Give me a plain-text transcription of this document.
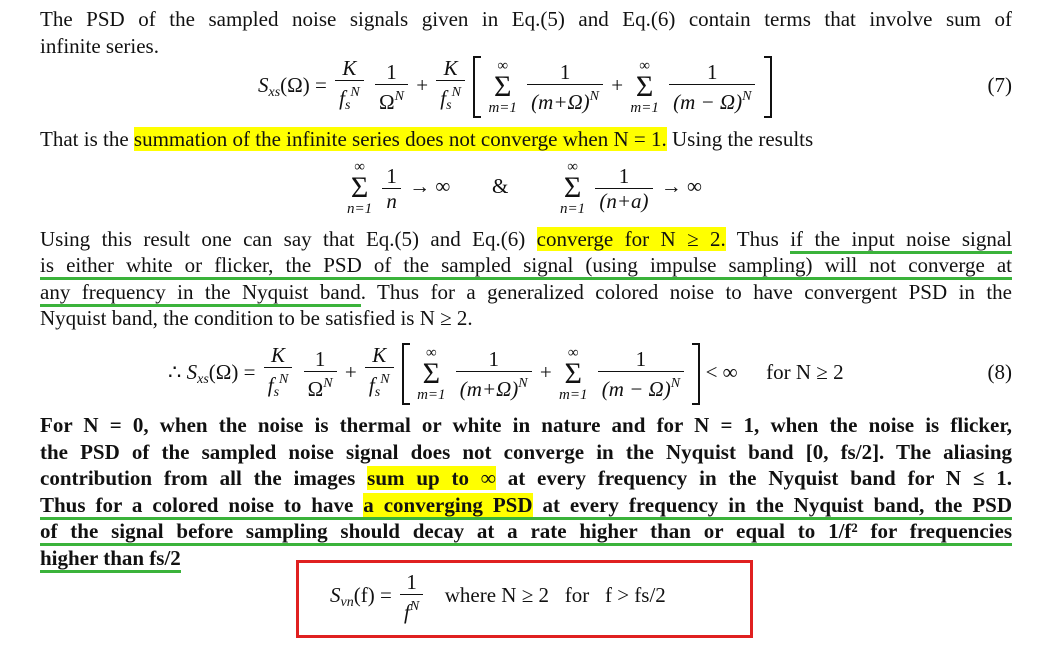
The PSD of the sampled noise signals given in Eq.(5) and Eq.(6) contain terms that involve sum of
infinite series.
$S_{xs}(\Omega) = \frac{K}{f_s^N}$
$\frac{1}{\Omega^N} + \frac{K}{f_s^N}$
	∞
Σ
m=1
$\frac{1}{(m+\Omega)^N}$ +
∞
Σ
m=1
$\frac{1}{(m - \Omega)^N}$
	(7)
That is the summation of the infinite series does not converge when N = 1. Using the results
∞
Σ
n=1
$\frac{1}{n}$ → ∞ &
∞
Σ
n=1
$\frac{1}{(n+a)}$ → ∞
Using this result one can say that Eq.(5) and Eq.(6) converge for N ≥ 2. Thus if the input noise signal
is either white or flicker, the PSD of the sampled signal (using impulse sampling) will not converge at
any frequency in the Nyquist band. Thus for a generalized colored noise to have convergent PSD in the
Nyquist band, the condition to be satisfied is N ≥ 2.
∴ $S_{xs}(\Omega) = \frac{K}{f_s^N}$
$\frac{1}{\Omega^N} + \frac{K}{f_s^N}$
	∞
Σ
m=1
$\frac{1}{(m+\Omega)^N}$ +
∞
Σ
m=1
$\frac{1}{(m - \Omega)^N}$ < ∞ for N ≥ 2	(8)
For N = 0, when the noise is thermal or white in nature and for N = 1, when the noise is flicker,
the PSD of the sampled noise signal does not converge in the Nyquist band [0, fs/2]. The aliasing
contribution from all the images sum up to ∞ at every frequency in the Nyquist band for N ≤ 1.
Thus for a colored noise to have a converging PSD at every frequency in the Nyquist band, the PSD
of the signal before sampling should decay at a rate higher than or equal to 1/f² for frequencies
higher than fs/2
$S_{vn}(f) = \frac{1}{f^N}$ where N ≥ 2   for   f > fs/2
